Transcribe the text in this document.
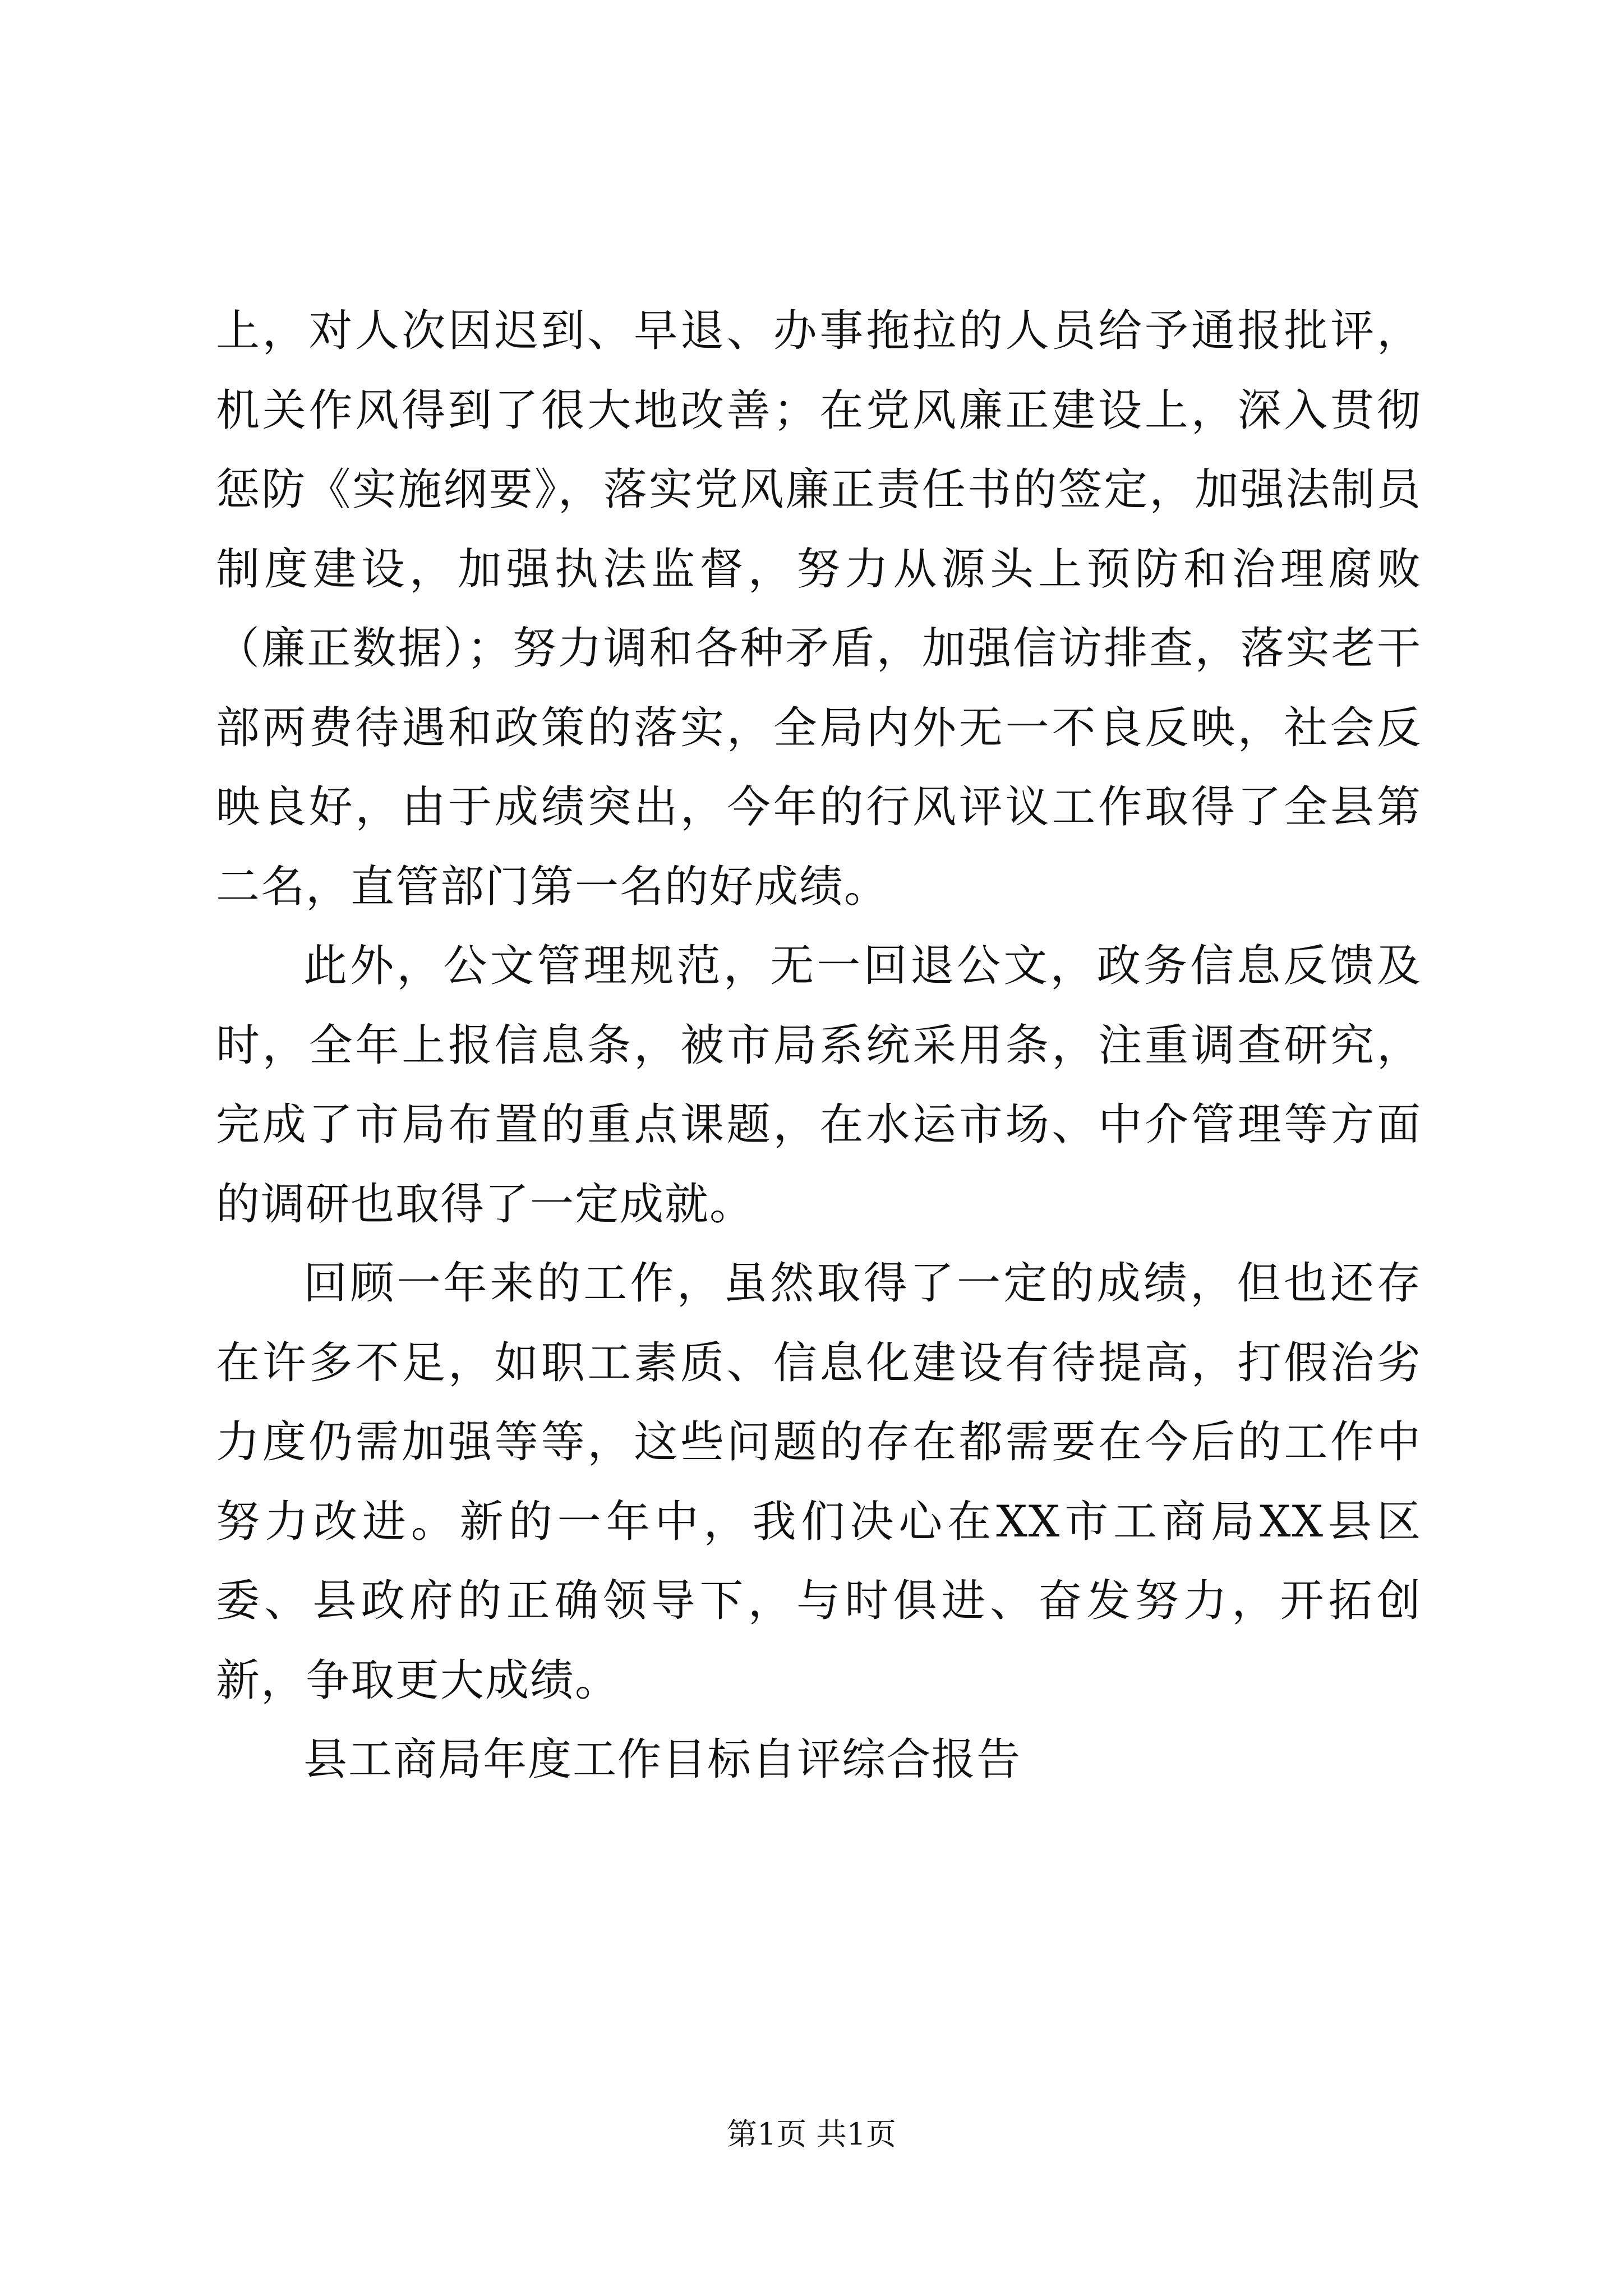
上，对人次因迟到、早退、办事拖拉的人员给予通报批评，机关作风得到了很大地改善；在党风廉正建设上，深入贯彻惩防《实施纲要》，落实党风廉正责任书的签定，加强法制员制度建设，加强执法监督，努力从源头上预防和治理腐败（廉正数据）；努力调和各种矛盾，加强信访排查，落实老干部两费待遇和政策的落实，全局内外无一不良反映，社会反映良好，由于成绩突出，今年的行风评议工作取得了全县第二名，直管部门第一名的好成绩。

此外，公文管理规范，无一回退公文，政务信息反馈及时，全年上报信息条，被市局系统采用条，注重调查研究，完成了市局布置的重点课题，在水运市场、中介管理等方面的调研也取得了一定成就。

回顾一年来的工作，虽然取得了一定的成绩，但也还存在许多不足，如职工素质、信息化建设有待提高，打假治劣力度仍需加强等等，这些问题的存在都需要在今后的工作中努力改进。新的一年中，我们决心在XX市工商局XX县区委、县政府的正确领导下，与时俱进、奋发努力，开拓创新，争取更大成绩。

县工商局年度工作目标自评综合报告

第1页 共1页
